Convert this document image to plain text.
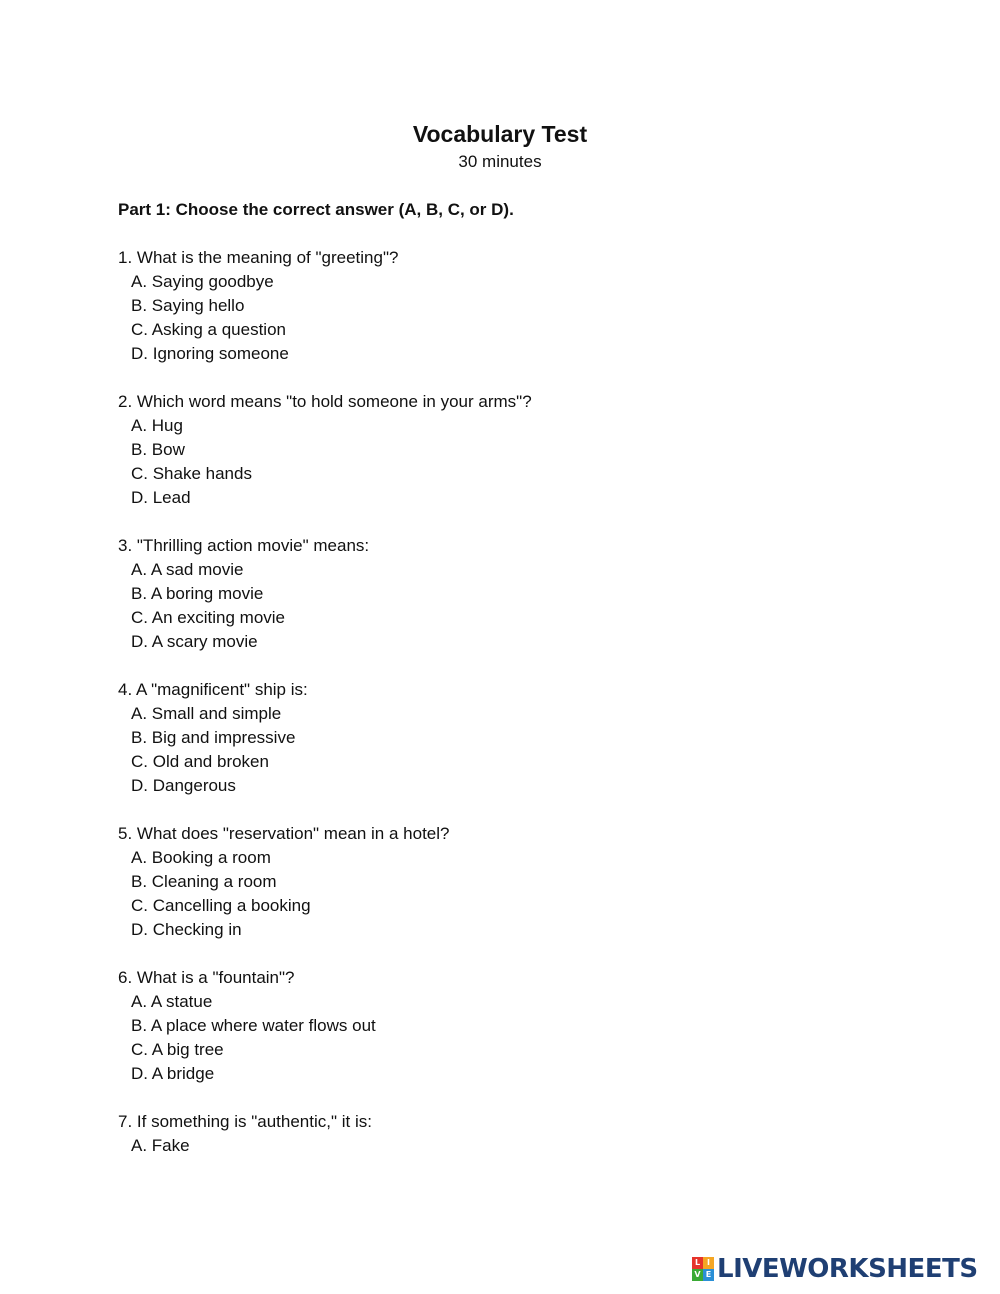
Vocabulary Test
30 minutes
Part 1: Choose the correct answer (A, B, C, or D).
1. What is the meaning of "greeting"?
A. Saying goodbye
B. Saying hello
C. Asking a question
D. Ignoring someone
2. Which word means "to hold someone in your arms"?
A. Hug
B. Bow
C. Shake hands
D. Lead
3. "Thrilling action movie" means:
A. A sad movie
B. A boring movie
C. An exciting movie
D. A scary movie
4. A "magnificent" ship is:
A. Small and simple
B. Big and impressive
C. Old and broken
D. Dangerous
5. What does "reservation" mean in a hotel?
A. Booking a room
B. Cleaning a room
C. Cancelling a booking
D. Checking in
6. What is a "fountain"?
A. A statue
B. A place where water flows out
C. A big tree
D. A bridge
7. If something is "authentic," it is:
A. Fake
L I
V E LIVEWORKSHEETS
